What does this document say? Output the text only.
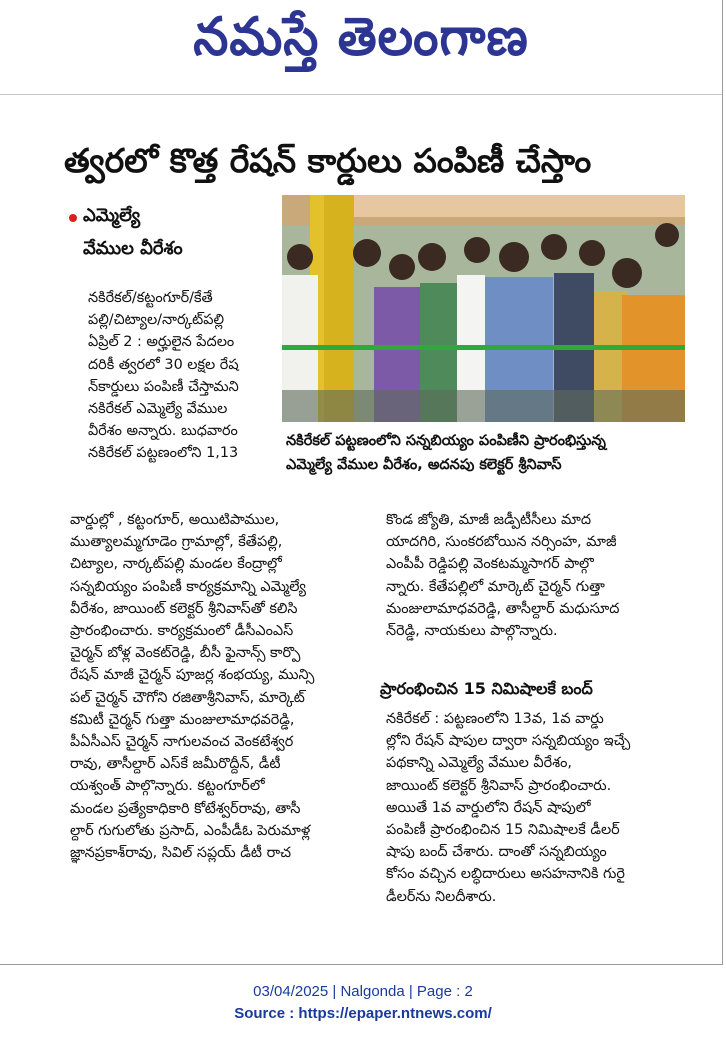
నమస్తే తెలంగాణ
త్వరలో కొత్త రేషన్ కార్డులు పంపిణీ చేస్తాం
ఎమ్మెల్యే
వేముల వీరేశం
నకిరేకల్ పట్టణంలోని సన్నబియ్యం పంపిణీని ప్రారంభిస్తున్న
ఎమ్మెల్యే వేముల వీరేశం, అదనపు కలెక్టర్ శ్రీనివాస్
నకిరేకల్/కట్టంగూర్/కేతే
పల్లి/చిట్యాల/నార్కట్‌పల్లి
ఏప్రిల్ 2 : అర్హులైన పేదలం
దరికీ త్వరలో 30 లక్షల రేష
న్‌కార్డులు పంపిణీ చేస్తామని
నకిరేకల్ ఎమ్మెల్యే వేముల
వీరేశం అన్నారు. బుధవారం
నకిరేకల్ పట్టణంలోని 1,13
వార్డుల్లో , కట్టంగూర్, అయిటిపాముల,
ముత్యాలమ్మగూడెం గ్రామాల్లో, కేతేపల్లి,
చిట్యాల, నార్కట్‌పల్లి మండల కేంద్రాల్లో
సన్నబియ్యం పంపిణీ కార్యక్రమాన్ని ఎమ్మెల్యే
వీరేశం, జాయింట్ కలెక్టర్ శ్రీనివాస్‌తో కలిసి
ప్రారంభించారు. కార్యక్రమంలో డీసీఎంఎస్
చైర్మన్ బోళ్ల వెంకట్‌రెడ్డి, బీసీ ఫైనాన్స్ కార్పొ
రేషన్ మాజీ చైర్మన్ పూజర్ల శంభయ్య, మున్సి
పల్ చైర్మన్ చౌగోని రజితాశ్రీనివాస్, మార్కెట్
కమిటీ చైర్మన్ గుత్తా మంజులామాధవరెడ్డి,
పీఏసీఎస్ చైర్మన్ నాగులవంచ వెంకటేశ్వర
రావు, తాసీల్దార్ ఎస్‌కే జమీరొద్దీన్, డీటీ
యశ్వంత్ పాల్గొన్నారు. కట్టంగూర్‌లో
మండల ప్రత్యేకాధికారి కోటేశ్వర్‌రావు, తాసీ
ల్దార్ గుగులోతు ప్రసాద్, ఎంపీడీఓ పెరుమాళ్ల
జ్ఞానప్రకాశ్‌రావు, సివిల్ సప్లయ్ డీటీ రాచ
కొండ జ్యోతి, మాజీ జడ్పీటీసీలు మాద
యాదగిరి, సుంకరబోయిన నర్సింహ, మాజీ
ఎంపీపీ రెడ్డిపల్లి వెంకటమ్మసాగర్ పాల్గొ
న్నారు. కేతేపల్లిలో మార్కెట్ చైర్మన్ గుత్తా
మంజులామాధవరెడ్డి, తాసీల్దార్ మధుసూద
న్‌రెడ్డి, నాయకులు పాల్గొన్నారు.
ప్రారంభించిన 15 నిమిషాలకే బంద్
నకిరేకల్ : పట్టణంలోని 13వ, 1వ వార్డు
ల్లోని రేషన్ షాపుల ద్వారా సన్నబియ్యం ఇచ్చే
పథకాన్ని ఎమ్మెల్యే వేముల వీరేశం,
జాయింట్ కలెక్టర్ శ్రీనివాస్ ప్రారంభించారు.
అయితే 1వ వార్డులోని రేషన్ షాపులో
పంపిణీ ప్రారంభించిన 15 నిమిషాలకే డీలర్
షాపు బంద్ చేశారు. దాంతో సన్నబియ్యం
కోసం వచ్చిన లబ్ధిదారులు అసహనానికి గురై
డీలర్‌ను నిలదీశారు.
03/04/2025 | Nalgonda | Page : 2
Source : https://epaper.ntnews.com/
